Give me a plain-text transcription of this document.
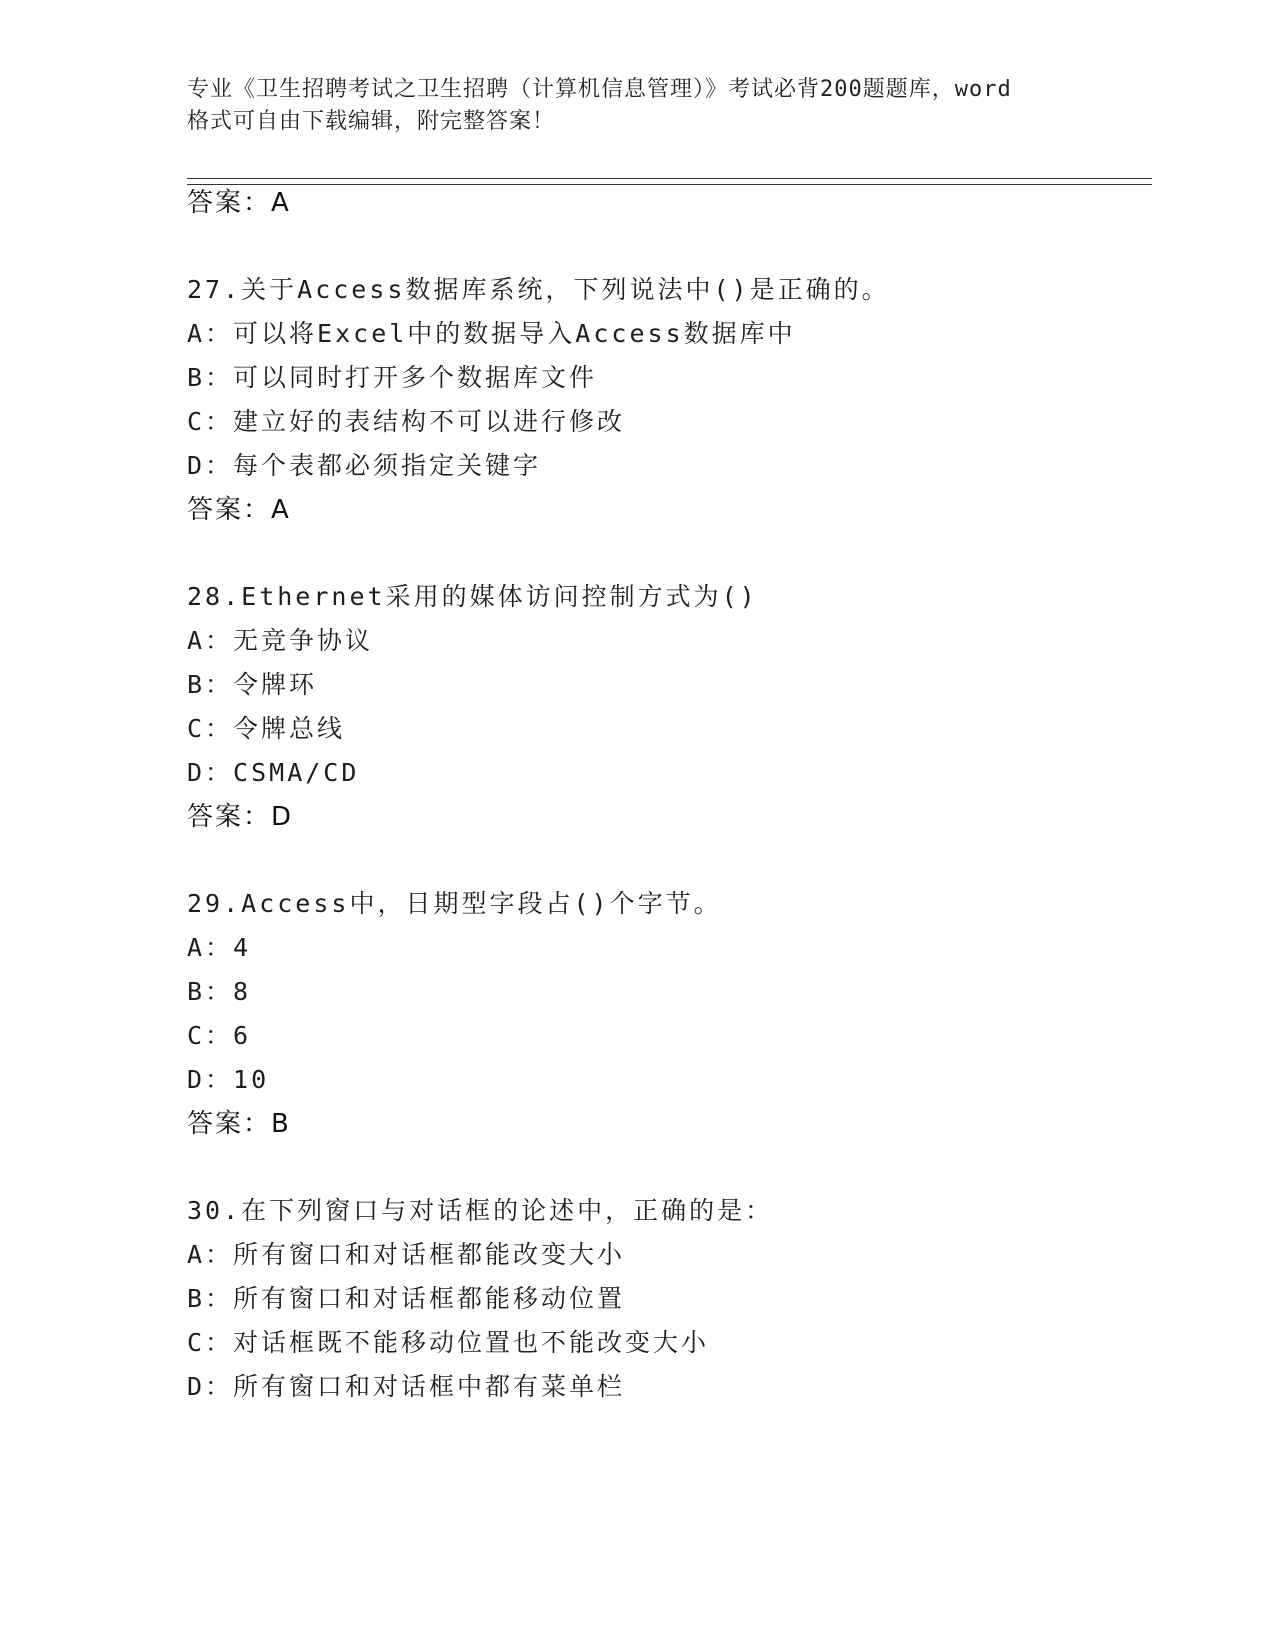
专业《卫生招聘考试之卫生招聘（计算机信息管理）》考试必背200题题库，word
格式可自由下载编辑，附完整答案！
答案：A
27.关于Access数据库系统，下列说法中()是正确的。
A：可以将Excel中的数据导入Access数据库中
B：可以同时打开多个数据库文件
C：建立好的表结构不可以进行修改
D：每个表都必须指定关键字
答案：A
28.Ethernet采用的媒体访问控制方式为()
A：无竞争协议
B：令牌环
C：令牌总线
D：CSMA/CD
答案：D
29.Access中，日期型字段占()个字节。
A：4
B：8
C：6
D：10
答案：B
30.在下列窗口与对话框的论述中，正确的是：
A：所有窗口和对话框都能改变大小
B：所有窗口和对话框都能移动位置
C：对话框既不能移动位置也不能改变大小
D：所有窗口和对话框中都有菜单栏
